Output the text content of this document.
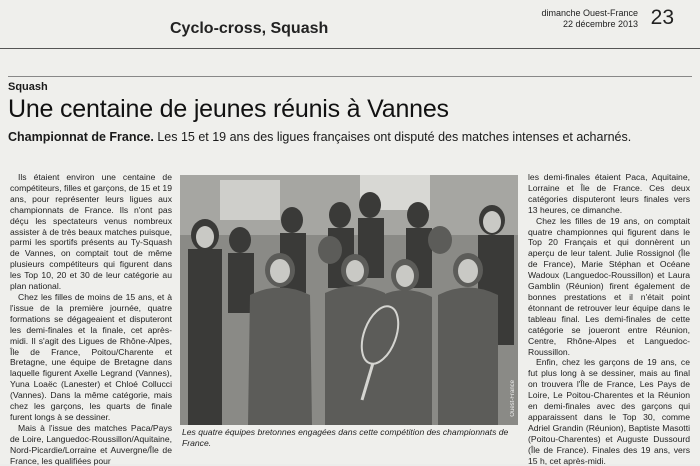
Cyclo-cross, Squash
dimanche Ouest-France
22 décembre 2013 23
Squash
Une centaine de jeunes réunis à Vannes
Championnat de France. Les 15 et 19 ans des ligues françaises ont disputé des matches intenses et acharnés.

Ils étaient environ une centaine de compétiteurs, filles et garçons, de 15 et 19 ans, pour représenter leurs ligues aux championnats de France. Ils n'ont pas déçu les spectateurs venus nombreux assister à de très beaux matches puisque, parmi les sportifs présents au Ty-Squash de Vannes, on comptait tout de même plusieurs compétiteurs qui figurent dans les Top 10, 20 et 30 de leur catégorie au plan national.

Chez les filles de moins de 15 ans, et à l'issue de la première journée, quatre formations se dégageaient et disputeront les demi-finales et la finale, cet après-midi. Il s'agit des Ligues de Rhône-Alpes, Île de France, Poitou/Charente et Bretagne, une équipe de Bretagne dans laquelle figurent Axelle Legrand (Vannes), Yuna Loaëc (Lanester) et Chloé Collucci (Vannes). Dans la même catégorie, mais chez les garçons, les quarts de finale furent longs à se dessiner.

Mais à l'issue des matches Paca/Pays de Loire, Languedoc-Roussillon/Aquitaine, Nord-Picardie/Lorraine et Auvergne/Île de France, les qualifiées pour

Ouest-France
Les quatre équipes bretonnes engagées dans cette compétition des championnats de France.

les demi-finales étaient Paca, Aquitaine, Lorraine et Île de France. Ces deux catégories disputeront leurs finales vers 13 heures, ce dimanche.

Chez les filles de 19 ans, on comptait quatre championnes qui figurent dans le Top 20 Français et qui donnèrent un aperçu de leur talent. Julie Rossignol (Île de France), Marie Stéphan et Océane Wadoux (Languedoc-Roussillon) et Laura Gamblin (Réunion) firent également de bonnes prestations et il n'était point étonnant de retrouver leur équipe dans le tableau final. Les demi-finales de cette catégorie se joueront entre Réunion, Centre, Rhône-Alpes et Languedoc-Roussillon.

Enfin, chez les garçons de 19 ans, ce fut plus long à se dessiner, mais au final on trouvera l'Île de France, Les Pays de Loire, Le Poitou-Charentes et la Réunion en demi-finales avec des garçons qui apparaissent dans le Top 30, comme Adriel Grandin (Réunion), Baptiste Masotti (Poitou-Charentes) et Auguste Dussourd (Île de France). Finales des 19 ans, vers 15 h, cet après-midi.
